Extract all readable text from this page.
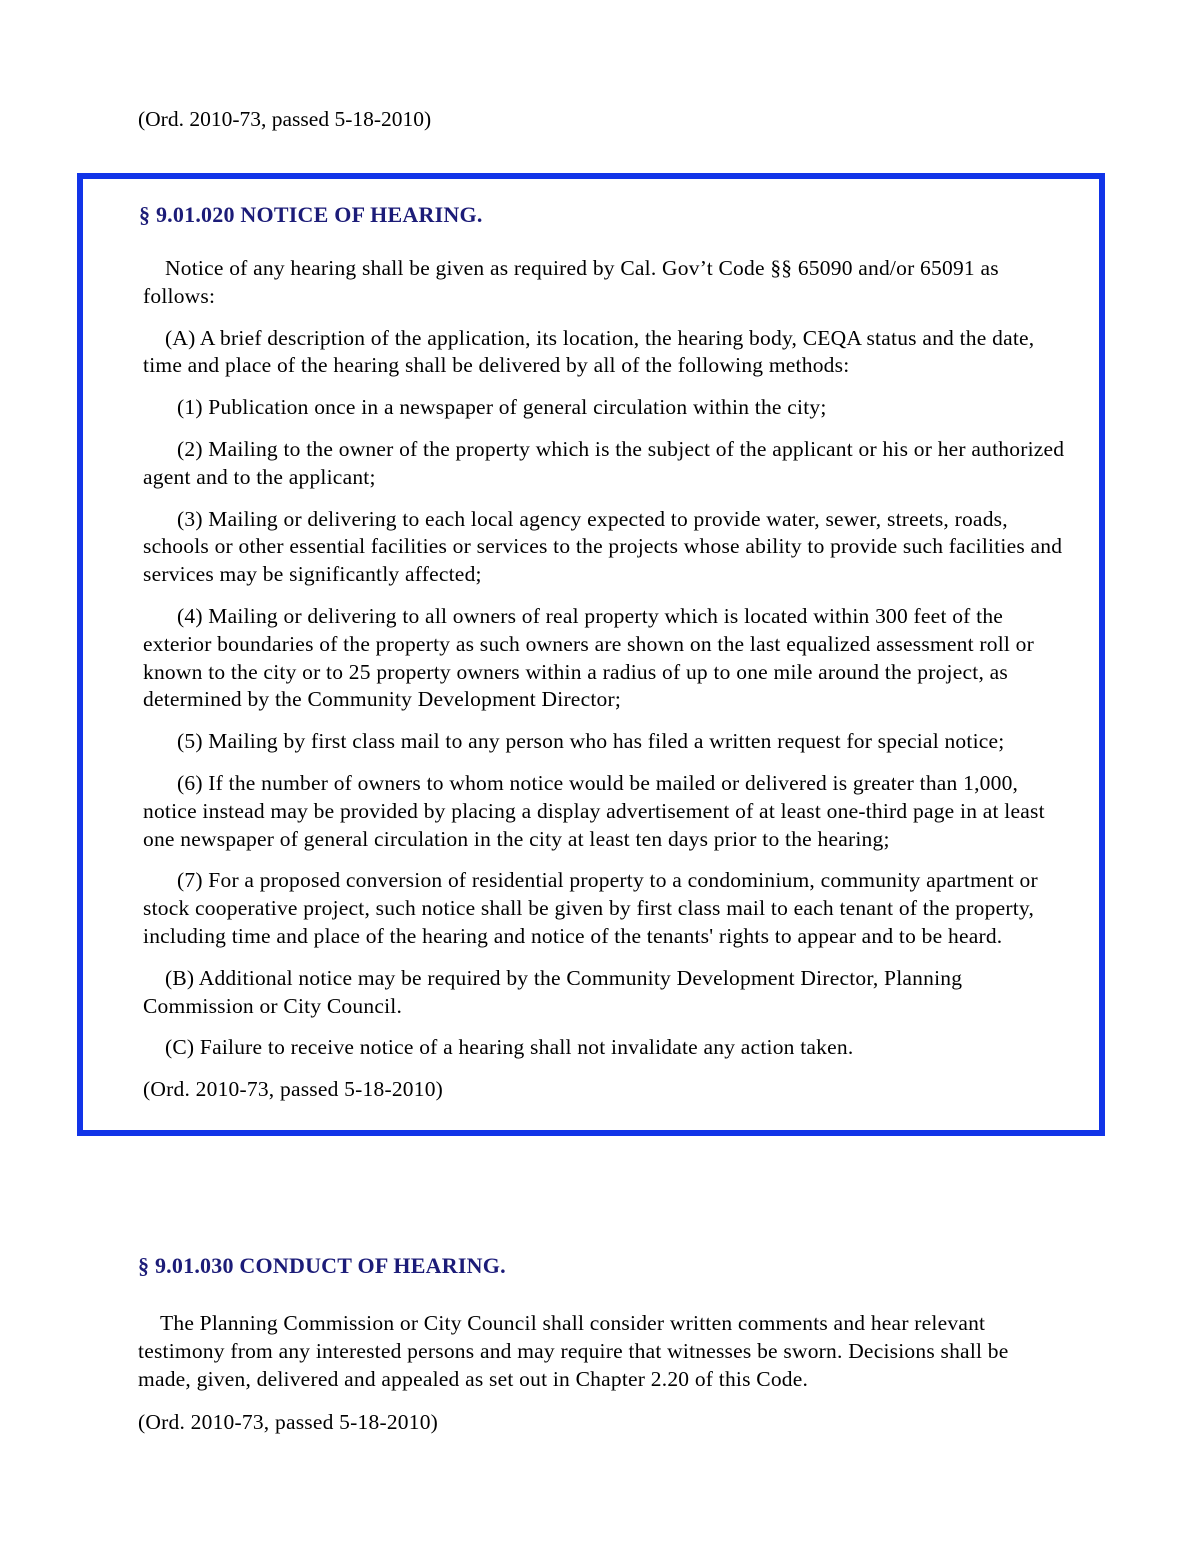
(Ord. 2010-73, passed 5-18-2010)
§ 9.01.020 NOTICE OF HEARING.

Notice of any hearing shall be given as required by Cal. Gov’t Code §§ 65090 and/or 65091 as follows:

(A) A brief description of the application, its location, the hearing body, CEQA status and the date, time and place of the hearing shall be delivered by all of the following methods:

(1) Publication once in a newspaper of general circulation within the city;

(2) Mailing to the owner of the property which is the subject of the applicant or his or her authorized agent and to the applicant;

(3) Mailing or delivering to each local agency expected to provide water, sewer, streets, roads, schools or other essential facilities or services to the projects whose ability to provide such facilities and services may be significantly affected;

(4) Mailing or delivering to all owners of real property which is located within 300 feet of the exterior boundaries of the property as such owners are shown on the last equalized assessment roll or known to the city or to 25 property owners within a radius of up to one mile around the project, as determined by the Community Development Director;

(5) Mailing by first class mail to any person who has filed a written request for special notice;

(6) If the number of owners to whom notice would be mailed or delivered is greater than 1,000, notice instead may be provided by placing a display advertisement of at least one-third page in at least one newspaper of general circulation in the city at least ten days prior to the hearing;

(7) For a proposed conversion of residential property to a condominium, community apartment or stock cooperative project, such notice shall be given by first class mail to each tenant of the property, including time and place of the hearing and notice of the tenants' rights to appear and to be heard.

(B) Additional notice may be required by the Community Development Director, Planning Commission or City Council.

(C) Failure to receive notice of a hearing shall not invalidate any action taken.

(Ord. 2010-73, passed 5-18-2010)

§ 9.01.030 CONDUCT OF HEARING.

The Planning Commission or City Council shall consider written comments and hear relevant testimony from any interested persons and may require that witnesses be sworn. Decisions shall be made, given, delivered and appealed as set out in Chapter 2.20 of this Code.

(Ord. 2010-73, passed 5-18-2010)
